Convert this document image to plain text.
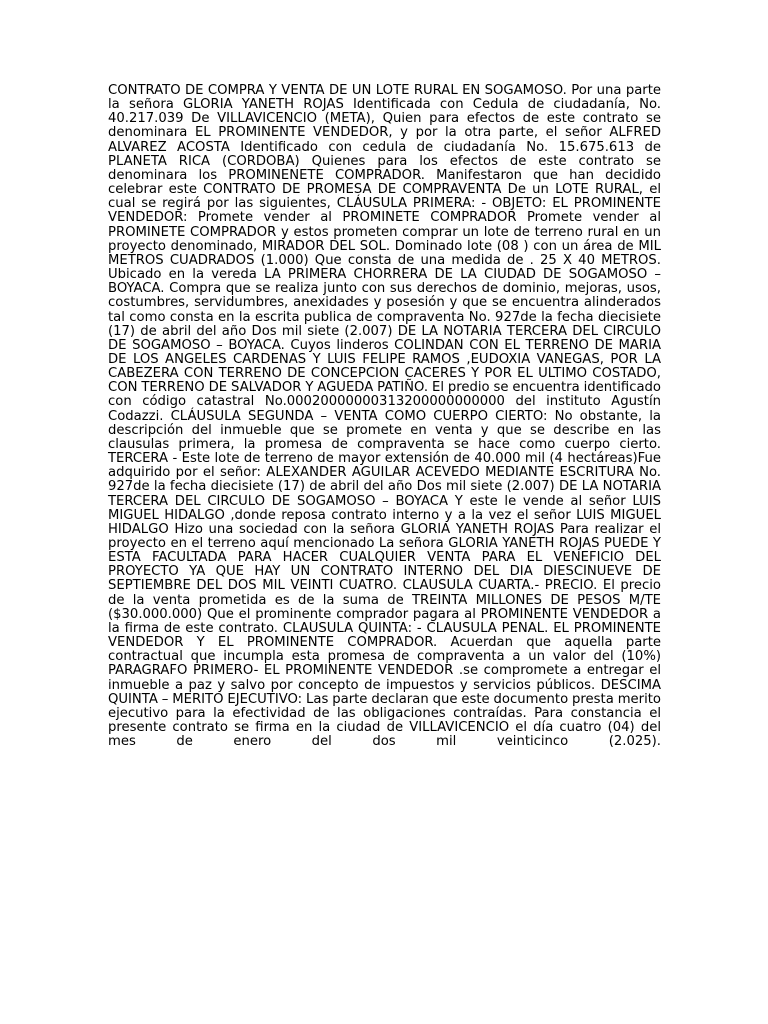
CONTRATO DE COMPRA Y VENTA DE UN LOTE RURAL EN SOGAMOSO. Por una parte la señora GLORIA YANETH ROJAS Identificada con Cedula de ciudadanía, No. 40.217.039 De VILLAVICENCIO (META), Quien para efectos de este contrato se denominara EL PROMINENTE VENDEDOR, y por la otra parte, el señor ALFRED ALVAREZ ACOSTA Identificado con cedula de ciudadanía No. 15.675.613 de PLANETA RICA (CORDOBA) Quienes para los efectos de este contrato se denominara los PROMINENETE COMPRADOR. Manifestaron que han decidido celebrar este CONTRATO DE PROMESA DE COMPRAVENTA De un LOTE RURAL, el cual se regirá por las siguientes, CLÁUSULA PRIMERA: - OBJETO: EL PROMINENTE VENDEDOR: Promete vender al PROMINETE COMPRADOR Promete vender al PROMINETE COMPRADOR y estos prometen comprar un lote de terreno rural en un proyecto denominado, MIRADOR DEL SOL. Dominado lote (08 ) con un área de MIL METROS CUADRADOS (1.000) Que consta de una medida de . 25 X 40 METROS. Ubicado en la vereda LA PRIMERA CHORRERA DE LA CIUDAD DE SOGAMOSO – BOYACA. Compra que se realiza junto con sus derechos de dominio, mejoras, usos, costumbres, servidumbres, anexidades y posesión y que se encuentra alinderados tal como consta en la escrita publica de compraventa No. 927de la fecha diecisiete (17) de abril del año Dos mil siete (2.007) DE LA NOTARIA TERCERA DEL CIRCULO DE SOGAMOSO – BOYACA. Cuyos linderos COLINDAN CON EL TERRENO DE MARIA DE LOS ANGELES CARDENAS Y LUIS FELIPE RAMOS ,EUDOXIA VANEGAS, POR LA CABEZERA CON TERRENO DE CONCEPCION CACERES Y POR EL ULTIMO COSTADO, CON TERRENO DE SALVADOR Y AGUEDA PATIÑO. El predio se encuentra identificado con código catastral No.00020000000313200000000000 del instituto Agustín Codazzi. CLÁUSULA SEGUNDA – VENTA COMO CUERPO CIERTO: No obstante, la descripción del inmueble que se promete en venta y que se describe en las clausulas primera, la promesa de compraventa se hace como cuerpo cierto. TERCERA - Este lote de terreno de mayor extensión de 40.000 mil (4 hectáreas)Fue adquirido por el señor: ALEXANDER AGUILAR ACEVEDO MEDIANTE ESCRITURA No. 927de la fecha diecisiete (17) de abril del año Dos mil siete (2.007) DE LA NOTARIA TERCERA DEL CIRCULO DE SOGAMOSO – BOYACA Y este le vende al señor LUIS MIGUEL HIDALGO ,donde reposa contrato interno y a la vez el señor LUIS MIGUEL HIDALGO Hizo una sociedad con la señora GLORIA YANETH ROJAS Para realizar el proyecto en el terreno aquí mencionado La señora GLORIA YANETH ROJAS PUEDE Y ESTA FACULTADA PARA HACER CUALQUIER VENTA PARA EL VENEFICIO DEL PROYECTO YA QUE HAY UN CONTRATO INTERNO DEL DIA DIESCINUEVE DE SEPTIEMBRE DEL DOS MIL VEINTI CUATRO. CLAUSULA CUARTA.- PRECIO. El precio de la venta prometida es de la suma de TREINTA MILLONES DE PESOS M/TE ($30.000.000) Que el prominente comprador pagara al PROMINENTE VENDEDOR a la firma de este contrato. CLAUSULA QUINTA: - CLAUSULA PENAL. EL PROMINENTE VENDEDOR Y EL PROMINENTE COMPRADOR. Acuerdan que aquella parte contractual que incumpla esta promesa de compraventa a un valor del (10%) PARAGRAFO PRIMERO- EL PROMINENTE VENDEDOR .se compromete a entregar el inmueble a paz y salvo por concepto de impuestos y servicios públicos. DESCIMA QUINTA – MERITO EJECUTIVO: Las parte declaran que este documento presta merito ejecutivo para la efectividad de las obligaciones contraídas. Para constancia el presente contrato se firma en la ciudad de VILLAVICENCIO el día cuatro (04) del mes de enero del dos mil veinticinco (2.025).
